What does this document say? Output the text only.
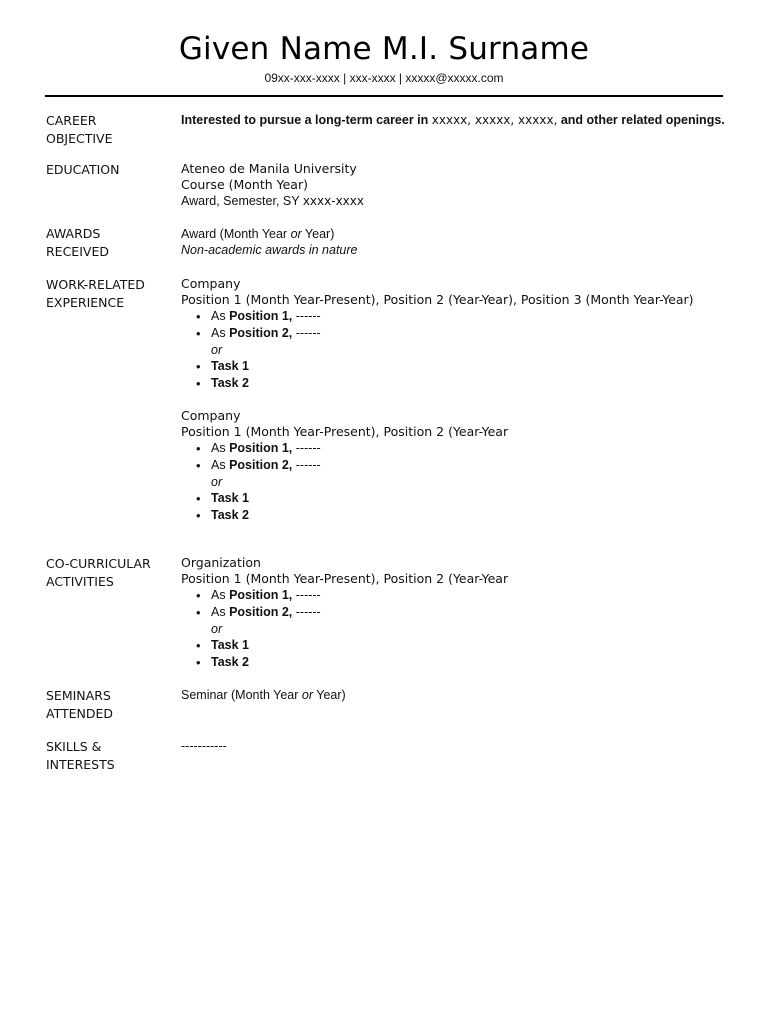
Given Name M.I. Surname
09xx-xxx-xxxx | xxx-xxxx | xxxxx@xxxxx.com
CAREER
OBJECTIVE
Interested to pursue a long-term career in xxxxx, xxxxx, xxxxx, and other related openings.
EDUCATION	Ateneo de Manila University
Course (Month Year)
Award, Semester, SY xxxx-xxxx
AWARDS
RECEIVED
Award (Month Year or Year)
Non-academic awards in nature
WORK-RELATED
EXPERIENCE
Company
Position 1 (Month Year-Present), Position 2 (Year-Year), Position 3 (Month Year-Year)
• As Position 1, ------
• As Position 2, ------
or
• Task 1
• Task 2
Company
Position 1 (Month Year-Present), Position 2 (Year-Year
• As Position 1, ------
• As Position 2, ------
or
• Task 1
• Task 2
CO-CURRICULAR
ACTIVITIES
Organization
Position 1 (Month Year-Present), Position 2 (Year-Year
• As Position 1, ------
• As Position 2, ------
or
• Task 1
• Task 2
SEMINARS
ATTENDED
Seminar (Month Year or Year)
SKILLS &
INTERESTS
-----------
